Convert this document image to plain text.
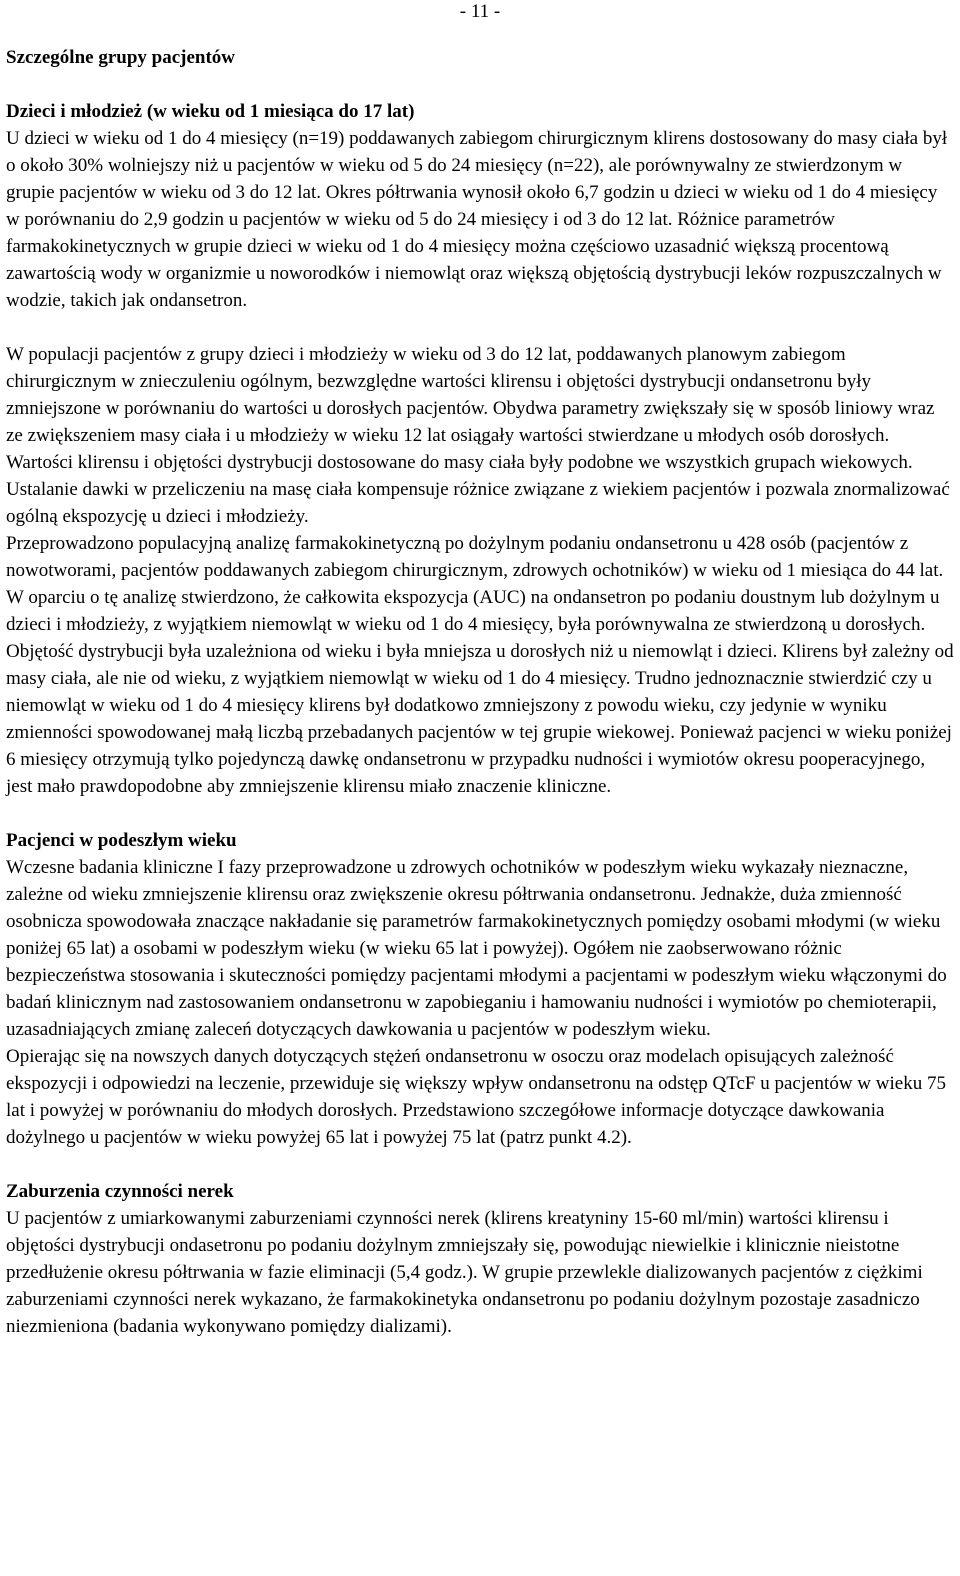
- 11 -
Szczególne grupy pacjentów
Dzieci i młodzież (w wieku od 1 miesiąca do 17 lat)

U dzieci w wieku od 1 do 4 miesięcy (n=19) poddawanych zabiegom chirurgicznym klirens dostosowany do masy ciała był o około 30% wolniejszy niż u pacjentów w wieku od 5 do 24 miesięcy (n=22), ale porównywalny ze stwierdzonym w grupie pacjentów w wieku od 3 do 12 lat. Okres półtrwania wynosił około 6,7 godzin u dzieci w wieku od 1 do 4 miesięcy w porównaniu do 2,9 godzin u pacjentów w wieku od 5 do 24 miesięcy i od 3 do 12 lat. Różnice parametrów farmakokinetycznych w grupie dzieci w wieku od 1 do 4 miesięcy można częściowo uzasadnić większą procentową zawartością wody w organizmie u noworodków i niemowląt oraz większą objętością dystrybucji leków rozpuszczalnych w wodzie, takich jak ondansetron.

W populacji pacjentów z grupy dzieci i młodzieży w wieku od 3 do 12 lat, poddawanych planowym zabiegom chirurgicznym w znieczuleniu ogólnym, bezwzględne wartości klirensu i objętości dystrybucji ondansetronu były zmniejszone w porównaniu do wartości u dorosłych pacjentów. Obydwa parametry zwiększały się w sposób liniowy wraz ze zwiększeniem masy ciała i u młodzieży w wieku 12 lat osiągały wartości stwierdzane u młodych osób dorosłych. Wartości klirensu i objętości dystrybucji dostosowane do masy ciała były podobne we wszystkich grupach wiekowych. Ustalanie dawki w przeliczeniu na masę ciała kompensuje różnice związane z wiekiem pacjentów i pozwala znormalizować ogólną ekspozycję u dzieci i młodzieży.

Przeprowadzono populacyjną analizę farmakokinetyczną po dożylnym podaniu ondansetronu u 428 osób (pacjentów z nowotworami, pacjentów poddawanych zabiegom chirurgicznym, zdrowych ochotników) w wieku od 1 miesiąca do 44 lat. W oparciu o tę analizę stwierdzono, że całkowita ekspozycja (AUC) na ondansetron po podaniu doustnym lub dożylnym u dzieci i młodzieży, z wyjątkiem niemowląt w wieku od 1 do 4 miesięcy, była porównywalna ze stwierdzoną u dorosłych. Objętość dystrybucji była uzależniona od wieku i była mniejsza u dorosłych niż u niemowląt i dzieci. Klirens był zależny od masy ciała, ale nie od wieku, z wyjątkiem niemowląt w wieku od 1 do 4 miesięcy. Trudno jednoznacznie stwierdzić czy u niemowląt w wieku od 1 do 4 miesięcy klirens był dodatkowo zmniejszony z powodu wieku, czy jedynie w wyniku zmienności spowodowanej małą liczbą przebadanych pacjentów w tej grupie wiekowej. Ponieważ pacjenci w wieku poniżej 6 miesięcy otrzymują tylko pojedynczą dawkę ondansetronu w przypadku nudności i wymiotów okresu pooperacyjnego, jest mało prawdopodobne aby zmniejszenie klirensu miało znaczenie kliniczne.

Pacjenci w podeszłym wieku

Wczesne badania kliniczne I fazy przeprowadzone u zdrowych ochotników w podeszłym wieku wykazały nieznaczne, zależne od wieku zmniejszenie klirensu oraz zwiększenie okresu półtrwania ondansetronu. Jednakże, duża zmienność osobnicza spowodowała znaczące nakładanie się parametrów farmakokinetycznych pomiędzy osobami młodymi (w wieku poniżej 65 lat) a osobami w podeszłym wieku (w wieku 65 lat i powyżej). Ogółem nie zaobserwowano różnic bezpieczeństwa stosowania i skuteczności pomiędzy pacjentami młodymi a pacjentami w podeszłym wieku włączonymi do badań klinicznym nad zastosowaniem ondansetronu w zapobieganiu i hamowaniu nudności i wymiotów po chemioterapii, uzasadniających zmianę zaleceń dotyczących dawkowania u pacjentów w podeszłym wieku.

Opierając się na nowszych danych dotyczących stężeń ondansetronu w osoczu oraz modelach opisujących zależność ekspozycji i odpowiedzi na leczenie, przewiduje się większy wpływ ondansetronu na odstęp QTcF u pacjentów w wieku 75 lat i powyżej w porównaniu do młodych dorosłych. Przedstawiono szczegółowe informacje dotyczące dawkowania dożylnego u pacjentów w wieku powyżej 65 lat i powyżej 75 lat (patrz punkt 4.2).

Zaburzenia czynności nerek

U pacjentów z umiarkowanymi zaburzeniami czynności nerek (klirens kreatyniny 15-60 ml/min) wartości klirensu i objętości dystrybucji ondasetronu po podaniu dożylnym zmniejszały się, powodując niewielkie i klinicznie nieistotne przedłużenie okresu półtrwania w fazie eliminacji (5,4 godz.). W grupie przewlekle dializowanych pacjentów z ciężkimi zaburzeniami czynności nerek wykazano, że farmakokinetyka ondansetronu po podaniu dożylnym pozostaje zasadniczo niezmieniona (badania wykonywano pomiędzy dializami).
